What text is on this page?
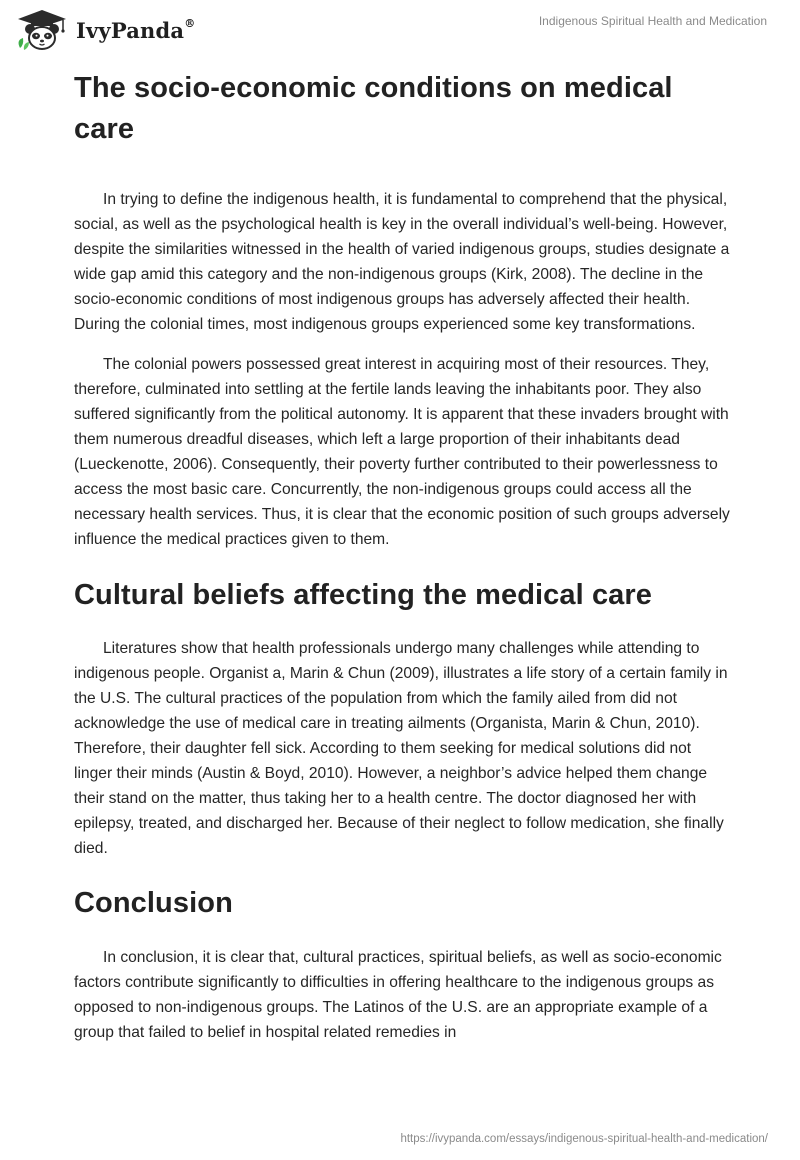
IvyPanda®	Indigenous Spiritual Health and Medication
The socio-economic conditions on medical care

In trying to define the indigenous health, it is fundamental to comprehend that the physical, social, as well as the psychological health is key in the overall individual’s well-being. However, despite the similarities witnessed in the health of varied indigenous groups, studies designate a wide gap amid this category and the non-indigenous groups (Kirk, 2008). The decline in the socio-economic conditions of most indigenous groups has adversely affected their health. During the colonial times, most indigenous groups experienced some key transformations.

The colonial powers possessed great interest in acquiring most of their resources. They, therefore, culminated into settling at the fertile lands leaving the inhabitants poor. They also suffered significantly from the political autonomy. It is apparent that these invaders brought with them numerous dreadful diseases, which left a large proportion of their inhabitants dead (Lueckenotte, 2006). Consequently, their poverty further contributed to their powerlessness to access the most basic care. Concurrently, the non-indigenous groups could access all the necessary health services. Thus, it is clear that the economic position of such groups adversely influence the medical practices given to them.

Cultural beliefs affecting the medical care

Literatures show that health professionals undergo many challenges while attending to indigenous people. Organist a, Marin & Chun (2009), illustrates a life story of a certain family in the U.S. The cultural practices of the population from which the family ailed from did not acknowledge the use of medical care in treating ailments (Organista, Marin & Chun, 2010). Therefore, their daughter fell sick. According to them seeking for medical solutions did not linger their minds (Austin & Boyd, 2010). However, a neighbor’s advice helped them change their stand on the matter, thus taking her to a health centre. The doctor diagnosed her with epilepsy, treated, and discharged her. Because of their neglect to follow medication, she finally died.

Conclusion

In conclusion, it is clear that, cultural practices, spiritual beliefs, as well as socio-economic factors contribute significantly to difficulties in offering healthcare to the indigenous groups as opposed to non-indigenous groups. The Latinos of the U.S. are an appropriate example of a group that failed to belief in hospital related remedies in

https://ivypanda.com/essays/indigenous-spiritual-health-and-medication/
